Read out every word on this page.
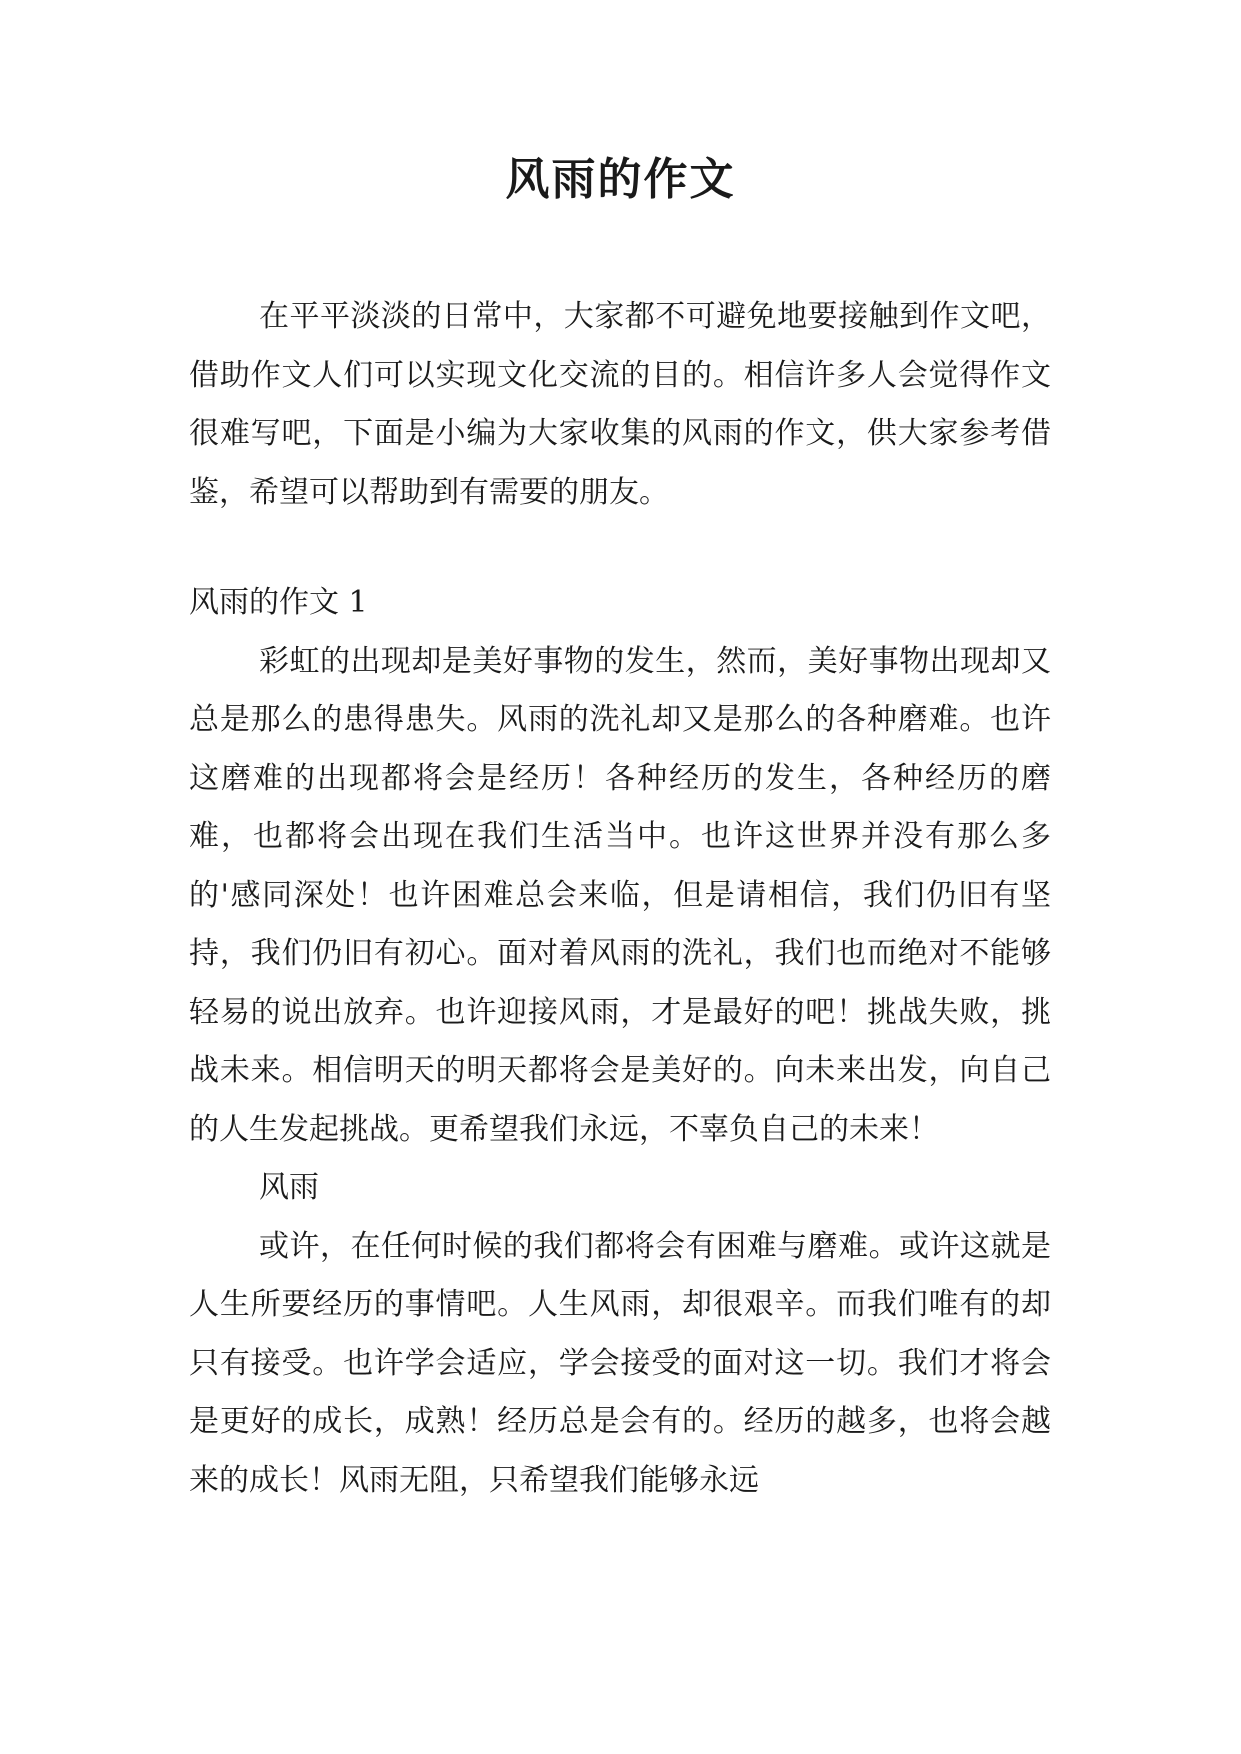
风雨的作文

在平平淡淡的日常中，大家都不可避免地要接触到作文吧，借助作文人们可以实现文化交流的目的。相信许多人会觉得作文很难写吧，下面是小编为大家收集的风雨的作文，供大家参考借鉴，希望可以帮助到有需要的朋友。

风雨的作文 1

彩虹的出现却是美好事物的发生，然而，美好事物出现却又总是那么的患得患失。风雨的洗礼却又是那么的各种磨难。也许这磨难的出现都将会是经历！各种经历的发生，各种经历的磨难，也都将会出现在我们生活当中。也许这世界并没有那么多的'感同深处！也许困难总会来临，但是请相信，我们仍旧有坚持，我们仍旧有初心。面对着风雨的洗礼，我们也而绝对不能够轻易的说出放弃。也许迎接风雨，才是最好的吧！挑战失败，挑战未来。相信明天的明天都将会是美好的。向未来出发，向自己的人生发起挑战。更希望我们永远，不辜负自己的未来！

风雨

或许，在任何时候的我们都将会有困难与磨难。或许这就是人生所要经历的事情吧。人生风雨，却很艰辛。而我们唯有的却只有接受。也许学会适应，学会接受的面对这一切。我们才将会是更好的成长，成熟！经历总是会有的。经历的越多，也将会越来的成长！风雨无阻，只希望我们能够永远
